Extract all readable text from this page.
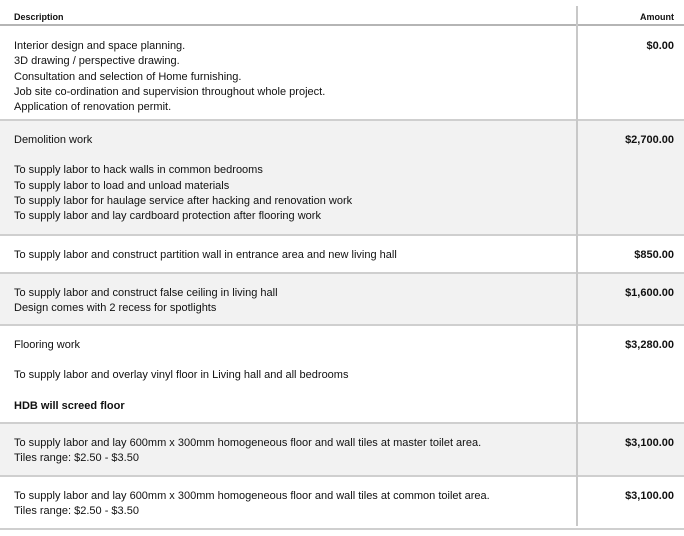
Description	Amount
Interior design and space planning.
3D drawing / perspective drawing.
Consultation and selection of Home furnishing.
Job site co-ordination and supervision throughout whole project.
Application of renovation permit.
$0.00
Demolition work
To supply labor to hack walls in common bedrooms
To supply labor to load and unload materials
To supply labor for haulage service after hacking and renovation work
To supply labor and lay cardboard protection after flooring work
$2,700.00
To supply labor and construct partition wall in entrance area and new living hall	$850.00
To supply labor and construct false ceiling in living hall
Design comes with 2 recess for spotlights
$1,600.00
Flooring work
To supply labor and overlay vinyl floor in Living hall and all bedrooms
HDB will screed floor
$3,280.00
To supply labor and lay 600mm x 300mm homogeneous floor and wall tiles at master toilet area.
Tiles range: $2.50 - $3.50
$3,100.00
To supply labor and lay 600mm x 300mm homogeneous floor and wall tiles at common toilet area.
Tiles range: $2.50 - $3.50
$3,100.00
